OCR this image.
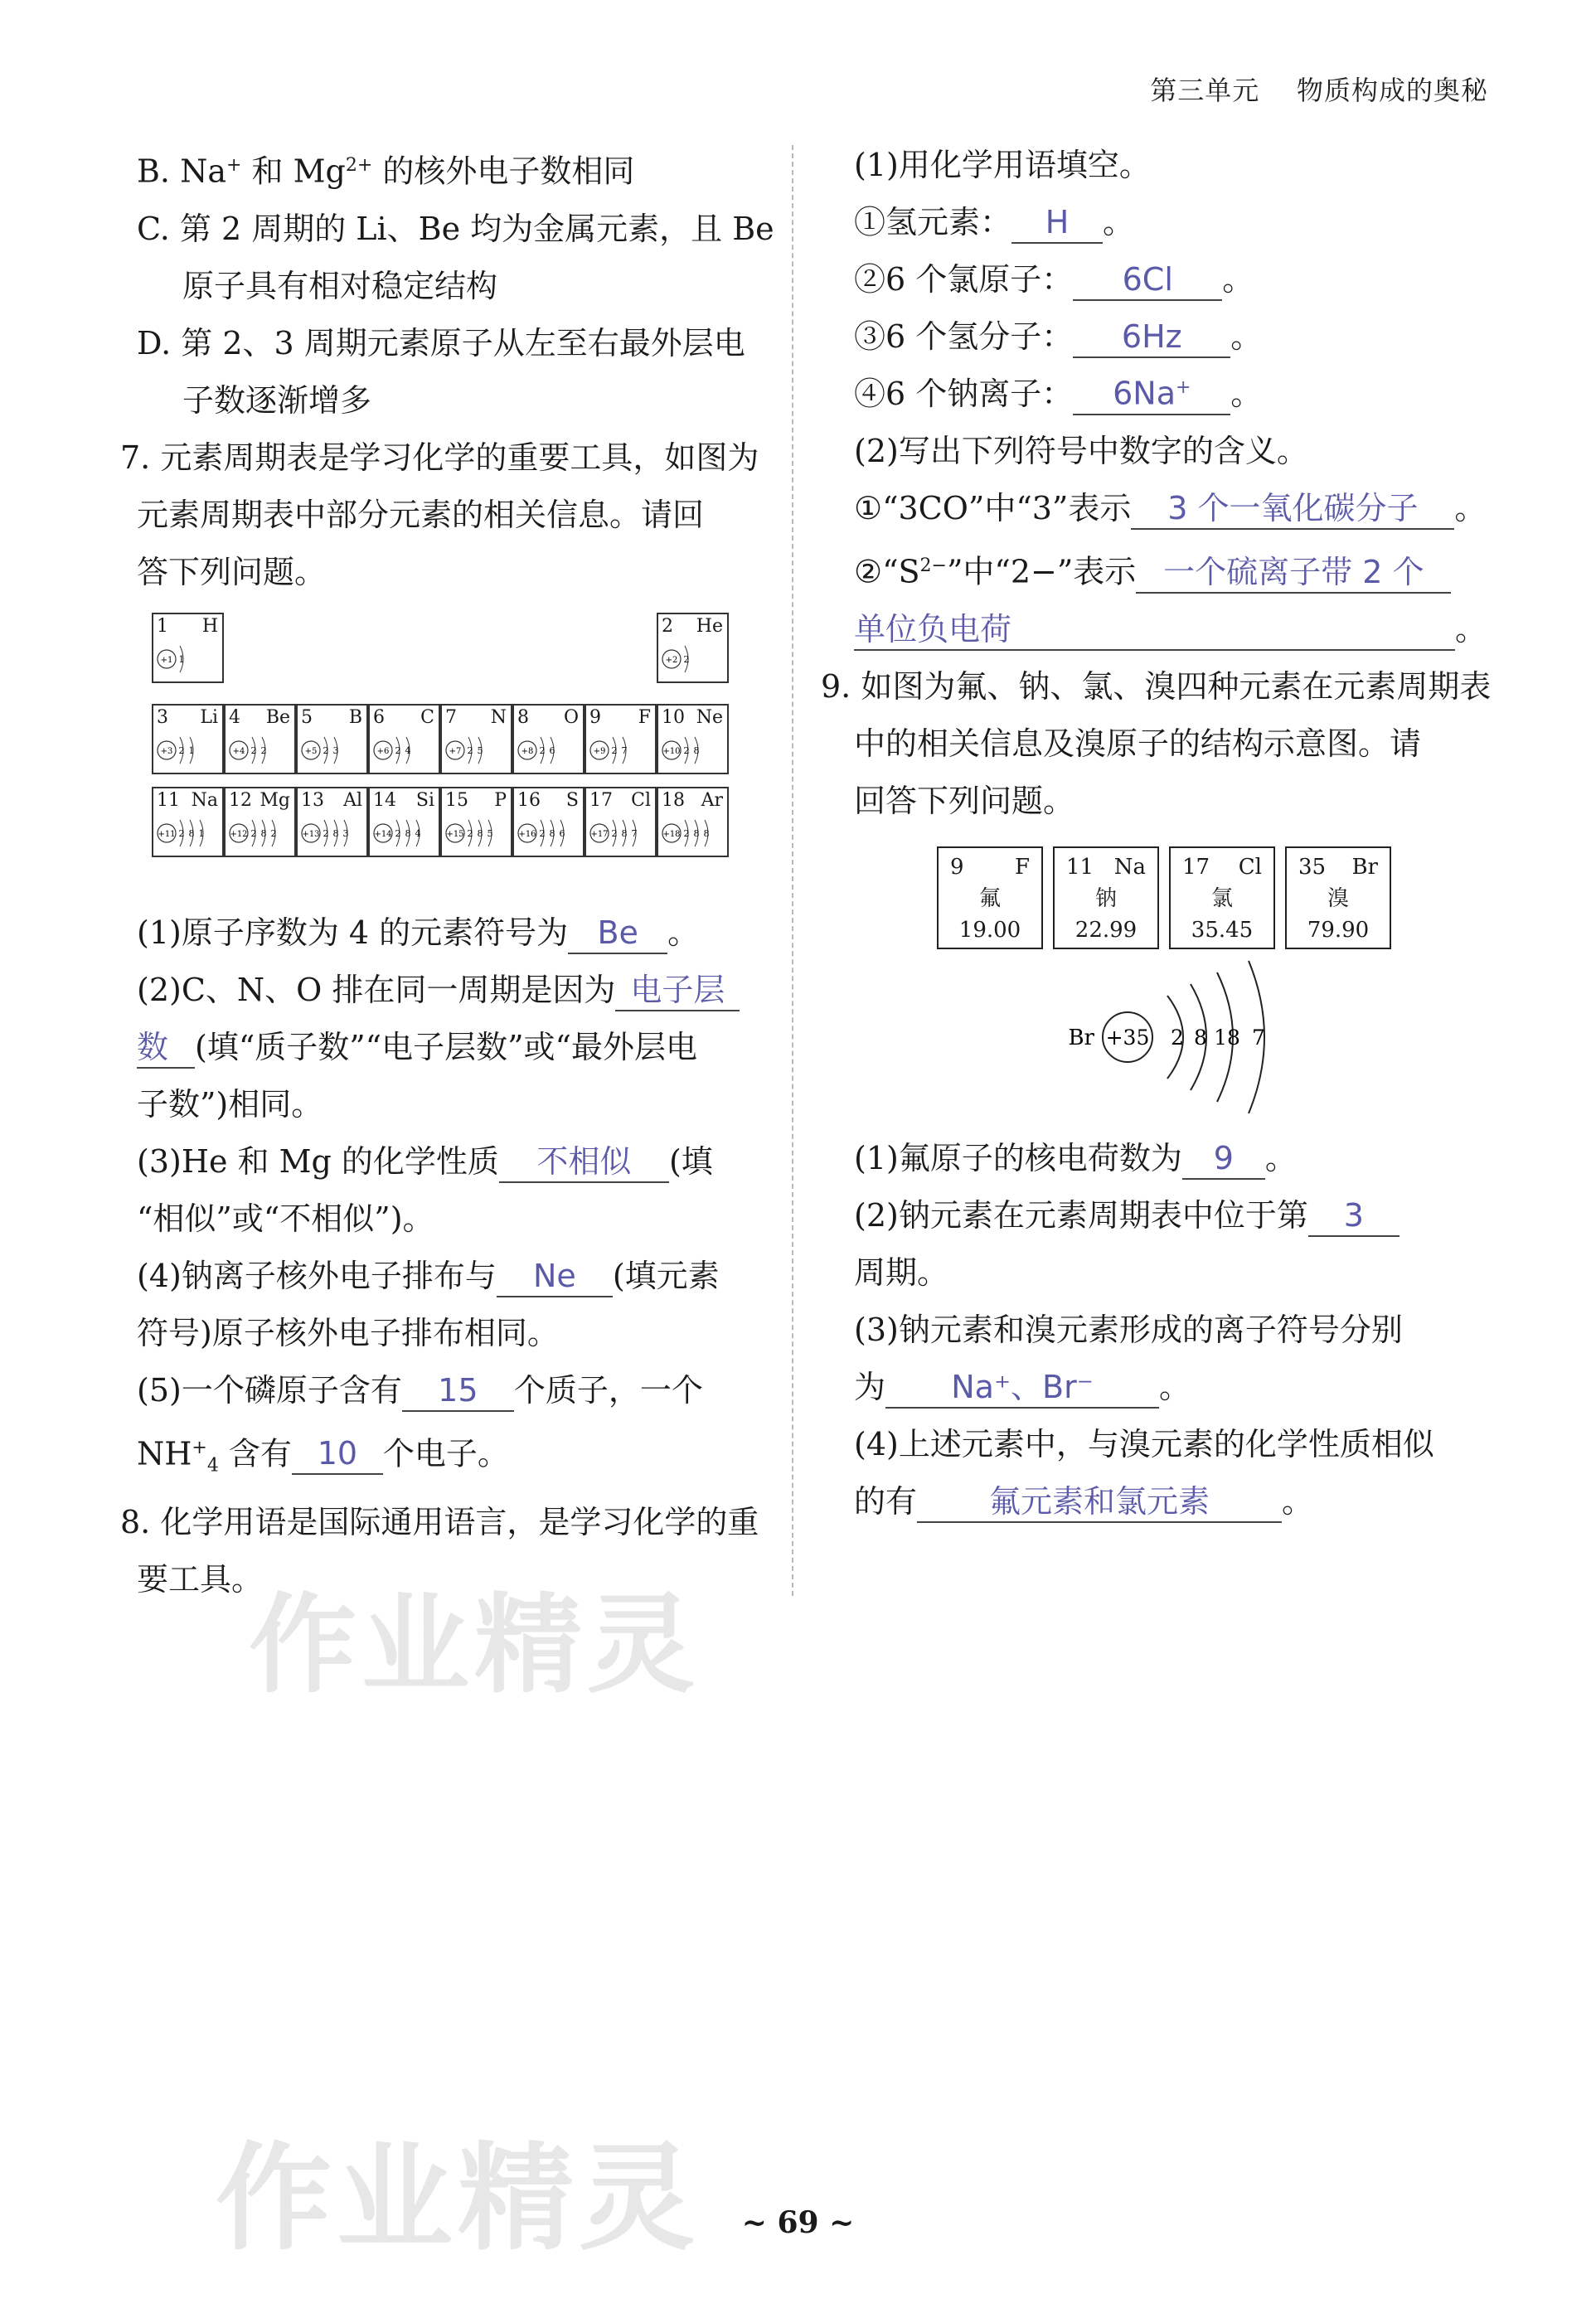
第三单元 物质构成的奥秘
B. Na+ 和 $Mg^{2+}$ 的核外电子数相同
C. 第 2 周期的 Li、Be 均为金属元素，且 Be
原子具有相对稳定结构
D. 第 2、3 周期元素原子从左至右最外层电
子数逐渐增多
7. 元素周期表是学习化学的重要工具，如图为
元素周期表中部分元素的相关信息。请回
答下列问题。
1 H
+1 1
2 He
+2 2
3 Li
+3 2 1
4 Be
+4 2 2
5 B
+5 2 3
6 C
+6 2 4
7 N
+7 2 5
8 O
+8 2 6
9 F
+9 2 7
10 Ne
+10 2 8
11 Na
+11 2 8 1
12 Mg
+12 2 8 2
13 Al
+13 2 8 3
14 Si
+14 2 8 4
15 P
+15 2 8 5
16 S
+16 2 8 6
17 Cl
+17 2 8 7
18 Ar
+18 2 8 8
(1)原子序数为 4 的元素符号为 Be 。
(2)C、N、O 排在同一周期是因为 电子层
数 (填“质子数”“电子层数”或“最外层电
子数”)相同。
(3)He 和 Mg 的化学性质 不相似 (填
“相似”或“不相似”)。
(4)钠离子核外电子排布与 Ne (填元素
符号)原子核外电子排布相同。
(5)一个磷原子含有 15 个质子，一个
$NH^+_4$ 含有 10 个电子。
8. 化学用语是国际通用语言，是学习化学的重
要工具。
(1)用化学用语填空。
①氢元素： H 。
②6 个氯原子： 6Cl 。
③6 个氢分子： 6Hz 。
④6 个钠离子： 6Na+ 。
(2)写出下列符号中数字的含义。
①“3CO”中“3”表示 3 个一氧化碳分子 。
$②“S^{2-}$”中“2−”表示 一个硫离子带 2 个
单位负电荷	。
9. 如图为氟、钠、氯、溴四种元素在元素周期表
中的相关信息及溴原子的结构示意图。请
回答下列问题。
9 F
氟
19.00
11 Na
钠
22.99
17 Cl
氯
35.45
35 Br
溴
79.90
Br +35 2 8 18 7
(1)氟原子的核电荷数为 9 。
(2)钠元素在元素周期表中位于第 3
周期。
(3)钠元素和溴元素形成的离子符号分别
为 Na⁺、Br⁻ 。
(4)上述元素中，与溴元素的化学性质相似
的有 氟元素和氯元素 。
作业精灵
作业精灵	~ 69 ~
